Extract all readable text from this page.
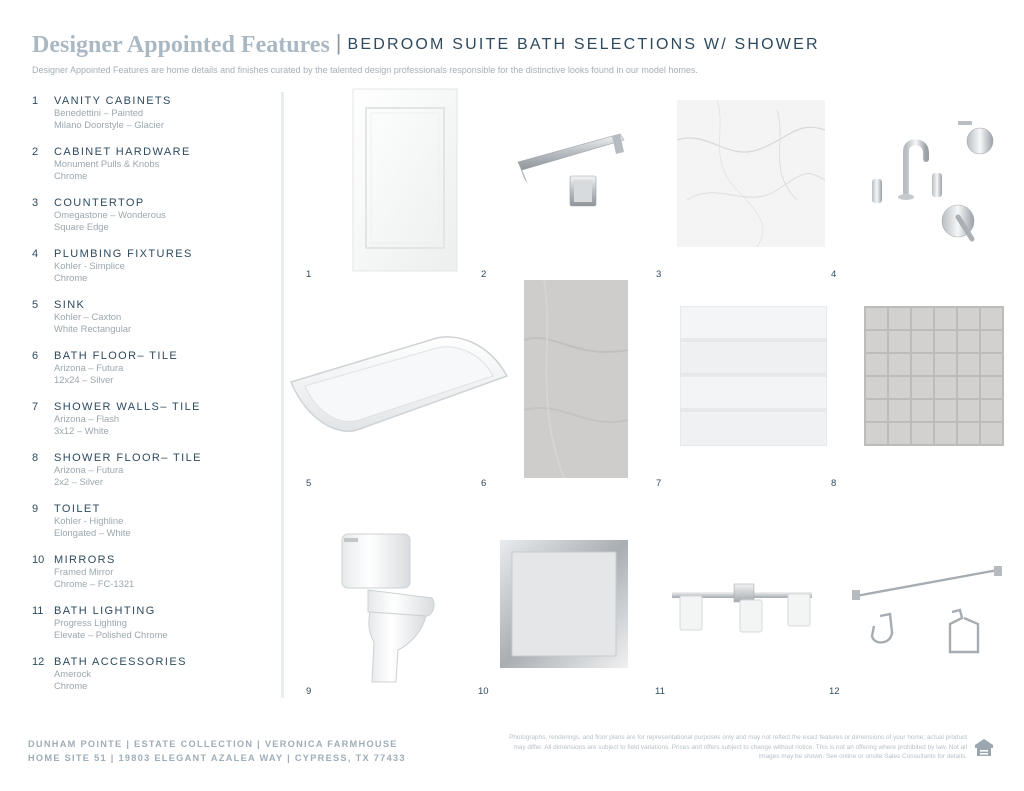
Designer Appointed Features | BEDROOM SUITE BATH SELECTIONS W/ SHOWER
Designer Appointed Features are home details and finishes curated by the talented design professionals responsible for the distinctive looks found in our model homes.
1 VANITY CABINETS
Benedettini – Painted
Milano Doorstyle – Glacier
2 CABINET HARDWARE
Monument Pulls & Knobs
Chrome
3 COUNTERTOP
Omegastone – Wonderous
Square Edge
4 PLUMBING FIXTURES
Kohler - Simplice
Chrome
5 SINK
Kohler – Caxton
White Rectangular
6 BATH FLOOR– TILE
Arizona – Futura
12x24 – Silver
7 SHOWER WALLS– TILE
Arizona – Flash
3x12 – White
8 SHOWER FLOOR– TILE
Arizona – Futura
2x2 – Silver
9 TOILET
Kohler - Highline
Elongated – White
10 MIRRORS
Framed Mirror
Chrome – FC-1321
11 BATH LIGHTING
Progress Lighting
Elevate – Polished Chrome
12 BATH ACCESSORIES
Amerock
Chrome
1	2	3	4
5	6	7	8
9	10	11	12
DUNHAM POINTE | ESTATE COLLECTION | VERONICA FARMHOUSE
HOME SITE 51 | 19803 ELEGANT AZALEA WAY | CYPRESS, TX 77433
Photographs, renderings, and floor plans are for representational purposes only and may not reflect the exact features or dimensions of your home; actual product may differ. All dimensions are subject to field variations. Prices and offers subject to change without notice. This is not an offering where prohibited by law. Not all images may be shown. See online or onsite Sales Consultants for details.
